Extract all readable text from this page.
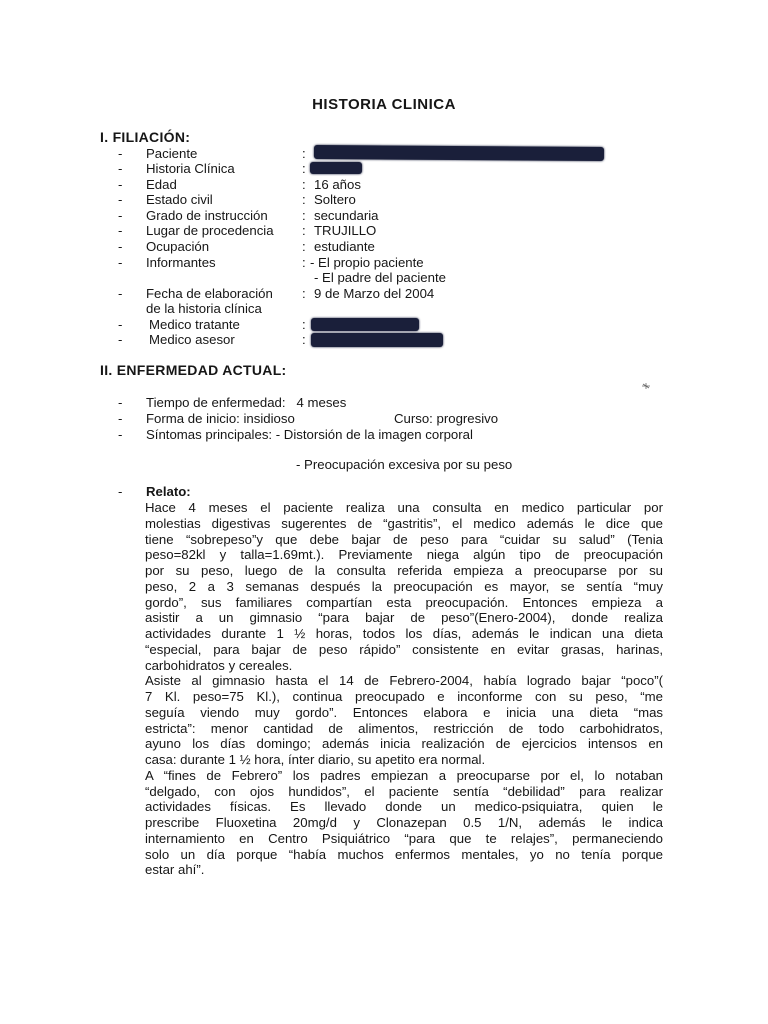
HISTORIA CLINICA
I. FILIACIÓN:
- Paciente	:
- Historia Clínica	:
- Edad	: 16 años
- Estado civil	: Soltero
- Grado de instrucción	: secundaria
- Lugar de procedencia : TRUJILLO
- Ocupación	: estudiante
- Informantes	: - El propio paciente
- El padre del paciente
- Fecha de elaboración : 9 de Marzo del 2004
de la historia clínica
- Medico tratante	:
- Medico asesor	:
II. ENFERMEDAD ACTUAL:
- Tiempo de enfermedad:   4 meses
- Forma de inicio: insidioso	Curso: progresivo
- Síntomas principales: - Distorsión de la imagen corporal
- Preocupación excesiva por su peso
- Relato:
Hace 4 meses el paciente realiza una consulta en medico particular por
molestias digestivas sugerentes de “gastritis”, el medico además le dice que
tiene “sobrepeso”y que debe bajar de peso para “cuidar su salud” (Tenia
peso=82kl y talla=1.69mt.). Previamente niega algún tipo de preocupación
por su peso, luego de la consulta referida empieza a preocuparse por su
peso, 2 a 3 semanas después la preocupación es mayor, se sentía “muy
gordo”, sus familiares compartían esta preocupación. Entonces empieza a
asistir a un gimnasio “para bajar de peso”(Enero-2004), donde realiza
actividades durante 1 ½ horas, todos los días, además le indican una dieta
“especial, para bajar de peso rápido” consistente en evitar grasas, harinas,
carbohidratos y cereales.
Asiste al gimnasio hasta el 14 de Febrero-2004, había logrado bajar “poco”(
7 Kl. peso=75 Kl.), continua preocupado e inconforme con su peso, “me
seguía viendo muy gordo”. Entonces elabora e inicia una dieta “mas
estricta”: menor cantidad de alimentos, restricción de todo carbohidratos,
ayuno los días domingo; además inicia realización de ejercicios intensos en
casa: durante 1 ½ hora, ínter diario, su apetito era normal.
A “fines de Febrero” los padres empiezan a preocuparse por el, lo notaban
“delgado, con ojos hundidos”, el paciente sentía “debilidad” para realizar
actividades físicas. Es llevado donde un medico-psiquiatra, quien le
prescribe Fluoxetina 20mg/d y Clonazepan 0.5 1/N, además le indica
internamiento en Centro Psiquiátrico “para que te relajes”, permaneciendo
solo un día porque “había muchos enfermos mentales, yo no tenía porque
estar ahí”.
